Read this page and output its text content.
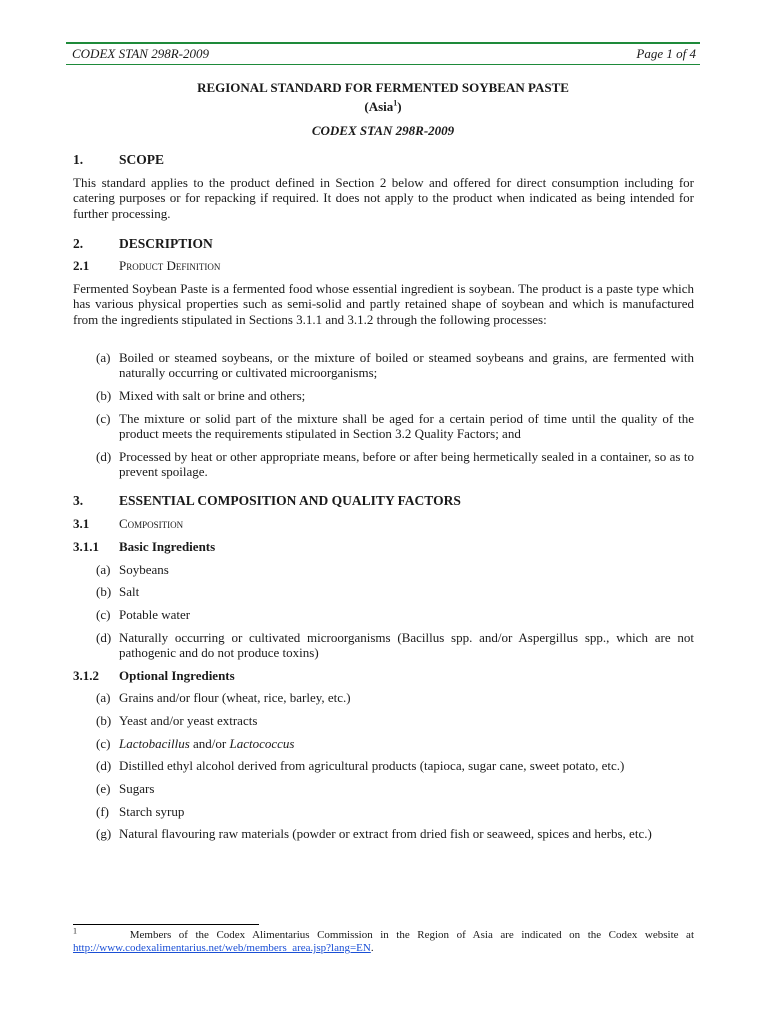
CODEX STAN 298R-2009	Page 1 of 4
REGIONAL STANDARD FOR FERMENTED SOYBEAN PASTE
(Asia$^1$)
CODEX STAN 298R-2009
1.	SCOPE
This standard applies to the product defined in Section 2 below and offered for direct consumption including for catering purposes or for repacking if required. It does not apply to the product when indicated as being intended for further processing.
2.	DESCRIPTION
2.1 Product Definition
Fermented Soybean Paste is a fermented food whose essential ingredient is soybean. The product is a paste type which has various physical properties such as semi-solid and partly retained shape of soybean and which is manufactured from the ingredients stipulated in Sections 3.1.1 and 3.1.2 through the following processes:
(a) Boiled or steamed soybeans, or the mixture of boiled or steamed soybeans and grains, are fermented with naturally occurring or cultivated microorganisms;
(b) Mixed with salt or brine and others;
(c) The mixture or solid part of the mixture shall be aged for a certain period of time until the quality of the product meets the requirements stipulated in Section 3.2 Quality Factors; and
(d) Processed by heat or other appropriate means, before or after being hermetically sealed in a container, so as to prevent spoilage.
3.	ESSENTIAL COMPOSITION AND QUALITY FACTORS
3.1 Composition
3.1.1 Basic Ingredients
(a) Soybeans
(b) Salt
(c) Potable water
(d) Naturally occurring or cultivated microorganisms (Bacillus spp. and/or Aspergillus spp., which are not pathogenic and do not produce toxins)
3.1.2 Optional Ingredients
(a) Grains and/or flour (wheat, rice, barley, etc.)
(b) Yeast and/or yeast extracts
(c) Lactobacillus and/or Lactococcus
(d) Distilled ethyl alcohol derived from agricultural products (tapioca, sugar cane, sweet potato, etc.)
(e) Sugars
(f) Starch syrup
(g) Natural flavouring raw materials (powder or extract from dried fish or seaweed, spices and herbs, etc.)
$^1$	Members of the Codex Alimentarius Commission in the Region of Asia are indicated on the Codex website at http://www.codexalimentarius.net/web/members_area.jsp?lang=EN.
